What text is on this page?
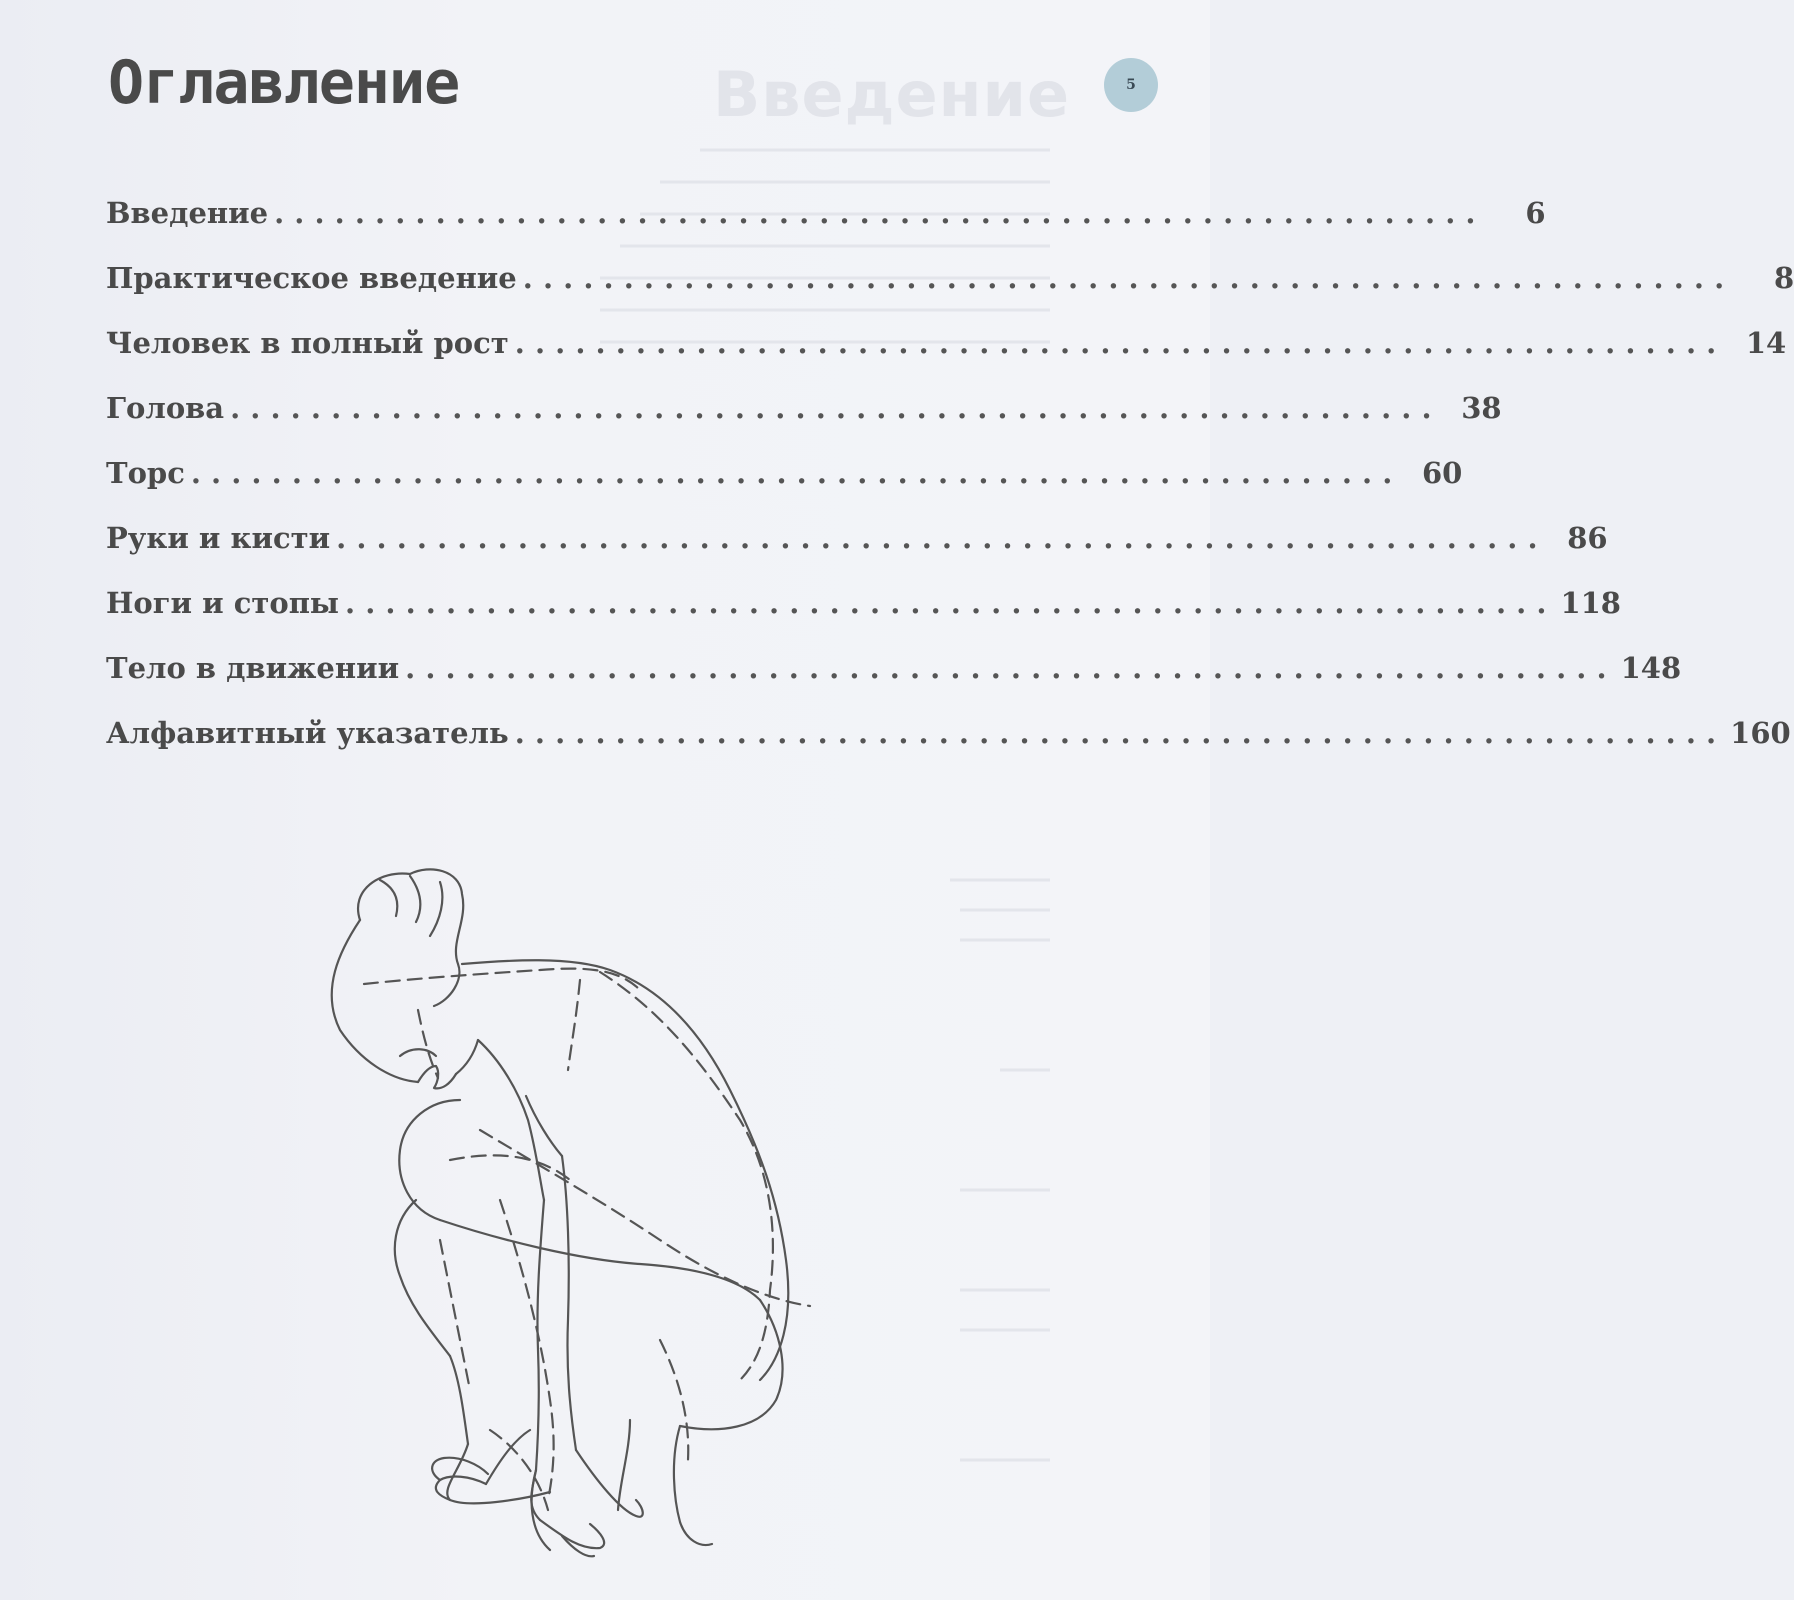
Введение
Оглавление	5
Введение . . . . . . . . . . . . . . . . . . . . . . . . . . . . . . . . . . . . . . . . . . . . . . . . . . . . . . . . . . . .	6
Практическое введение . . . . . . . . . . . . . . . . . . . . . . . . . . . . . . . . . . . . . . . . . . . . . . . . . . . . . . . . . . . .	8
Человек в полный рост . . . . . . . . . . . . . . . . . . . . . . . . . . . . . . . . . . . . . . . . . . . . . . . . . . . . . . . . . . . .	14
Голова . . . . . . . . . . . . . . . . . . . . . . . . . . . . . . . . . . . . . . . . . . . . . . . . . . . . . . . . . . . .	38
Торс . . . . . . . . . . . . . . . . . . . . . . . . . . . . . . . . . . . . . . . . . . . . . . . . . . . . . . . . . . . .	60
Руки и кисти . . . . . . . . . . . . . . . . . . . . . . . . . . . . . . . . . . . . . . . . . . . . . . . . . . . . . . . . . . . .	86
Ноги и стопы . . . . . . . . . . . . . . . . . . . . . . . . . . . . . . . . . . . . . . . . . . . . . . . . . . . . . . . . . . . . 118
Тело в движении . . . . . . . . . . . . . . . . . . . . . . . . . . . . . . . . . . . . . . . . . . . . . . . . . . . . . . . . . . . . 148
Алфавитный указатель . . . . . . . . . . . . . . . . . . . . . . . . . . . . . . . . . . . . . . . . . . . . . . . . . . . . . . . . . . . . 160
